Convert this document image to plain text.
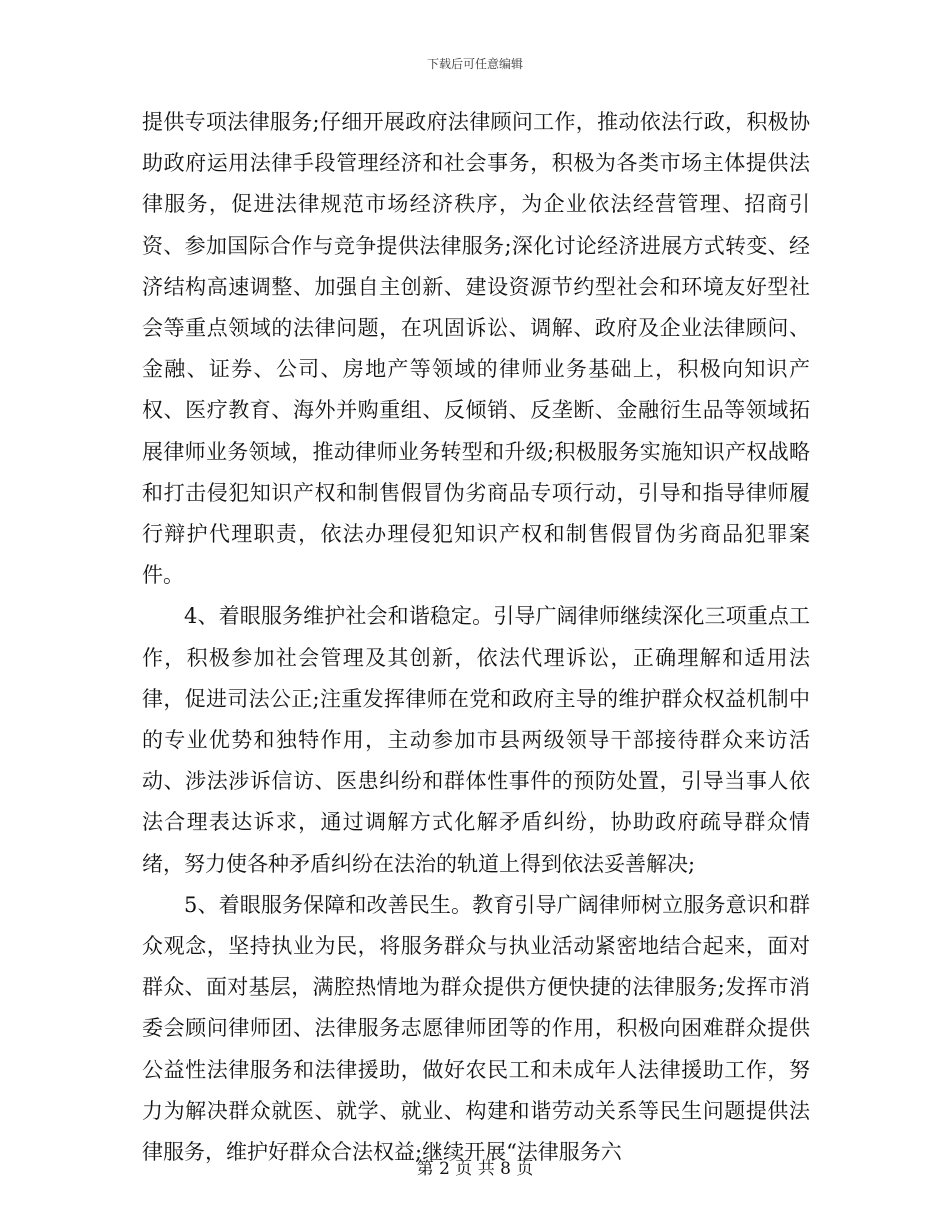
下载后可任意编辑

提供专项法律服务;仔细开展政府法律顾问工作，推动依法行政，积极协助政府运用法律手段管理经济和社会事务，积极为各类市场主体提供法律服务，促进法律规范市场经济秩序，为企业依法经营管理、招商引资、参加国际合作与竞争提供法律服务;深化讨论经济进展方式转变、经济结构高速调整、加强自主创新、建设资源节约型社会和环境友好型社会等重点领域的法律问题，在巩固诉讼、调解、政府及企业法律顾问、金融、证券、公司、房地产等领域的律师业务基础上，积极向知识产权、医疗教育、海外并购重组、反倾销、反垄断、金融衍生品等领域拓展律师业务领域，推动律师业务转型和升级;积极服务实施知识产权战略和打击侵犯知识产权和制售假冒伪劣商品专项行动，引导和指导律师履行辩护代理职责，依法办理侵犯知识产权和制售假冒伪劣商品犯罪案件。

4、着眼服务维护社会和谐稳定。引导广阔律师继续深化三项重点工作，积极参加社会管理及其创新，依法代理诉讼，正确理解和适用法律，促进司法公正;注重发挥律师在党和政府主导的维护群众权益机制中的专业优势和独特作用，主动参加市县两级领导干部接待群众来访活动、涉法涉诉信访、医患纠纷和群体性事件的预防处置，引导当事人依法合理表达诉求，通过调解方式化解矛盾纠纷，协助政府疏导群众情绪，努力使各种矛盾纠纷在法治的轨道上得到依法妥善解决;

5、着眼服务保障和改善民生。教育引导广阔律师树立服务意识和群众观念，坚持执业为民，将服务群众与执业活动紧密地结合起来，面对群众、面对基层，满腔热情地为群众提供方便快捷的法律服务;发挥市消委会顾问律师团、法律服务志愿律师团等的作用，积极向困难群众提供公益性法律服务和法律援助，做好农民工和未成年人法律援助工作，努力为解决群众就医、就学、就业、构建和谐劳动关系等民生问题提供法律服务，维护好群众合法权益;继续开展“法律服务六

第 2 页 共 8 页
